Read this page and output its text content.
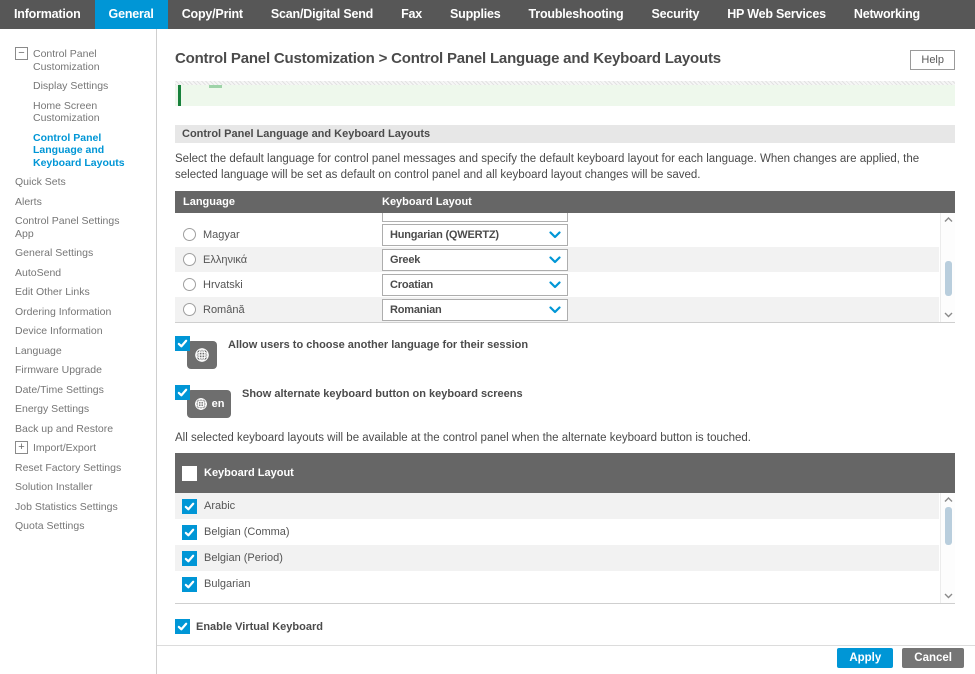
Information	General	Copy/Print	Scan/Digital Send	Fax	Supplies	Troubleshooting	Security	HP Web Services	Networking
− Control Panel Customization
Display Settings
Home Screen Customization
Control Panel Language and Keyboard Layouts
Quick Sets
Alerts
Control Panel Settings App
General Settings
AutoSend
Edit Other Links
Ordering Information
Device Information
Language
Firmware Upgrade
Date/Time Settings
Energy Settings
Back up and Restore
+ Import/Export
Reset Factory Settings
Solution Installer
Job Statistics Settings
Quota Settings
Control Panel Customization > Control Panel Language and Keyboard Layouts	Help
Control Panel Language and Keyboard Layouts
Select the default language for control panel messages and specify the default keyboard layout for each language. When changes are applied, the selected language will be set as default on control panel and all keyboard layout changes will be saved.
Language	Keyboard Layout
Magyar	Hungarian (QWERTZ)
Ελληνικά	Greek
Hrvatski	Croatian
Română	Romanian
Allow users to choose another language for their session
en
Show alternate keyboard button on keyboard screens
All selected keyboard layouts will be available at the control panel when the alternate keyboard button is touched.
Keyboard Layout
Arabic
Belgian (Comma)
Belgian (Period)
Bulgarian
Enable Virtual Keyboard
Apply	Cancel
